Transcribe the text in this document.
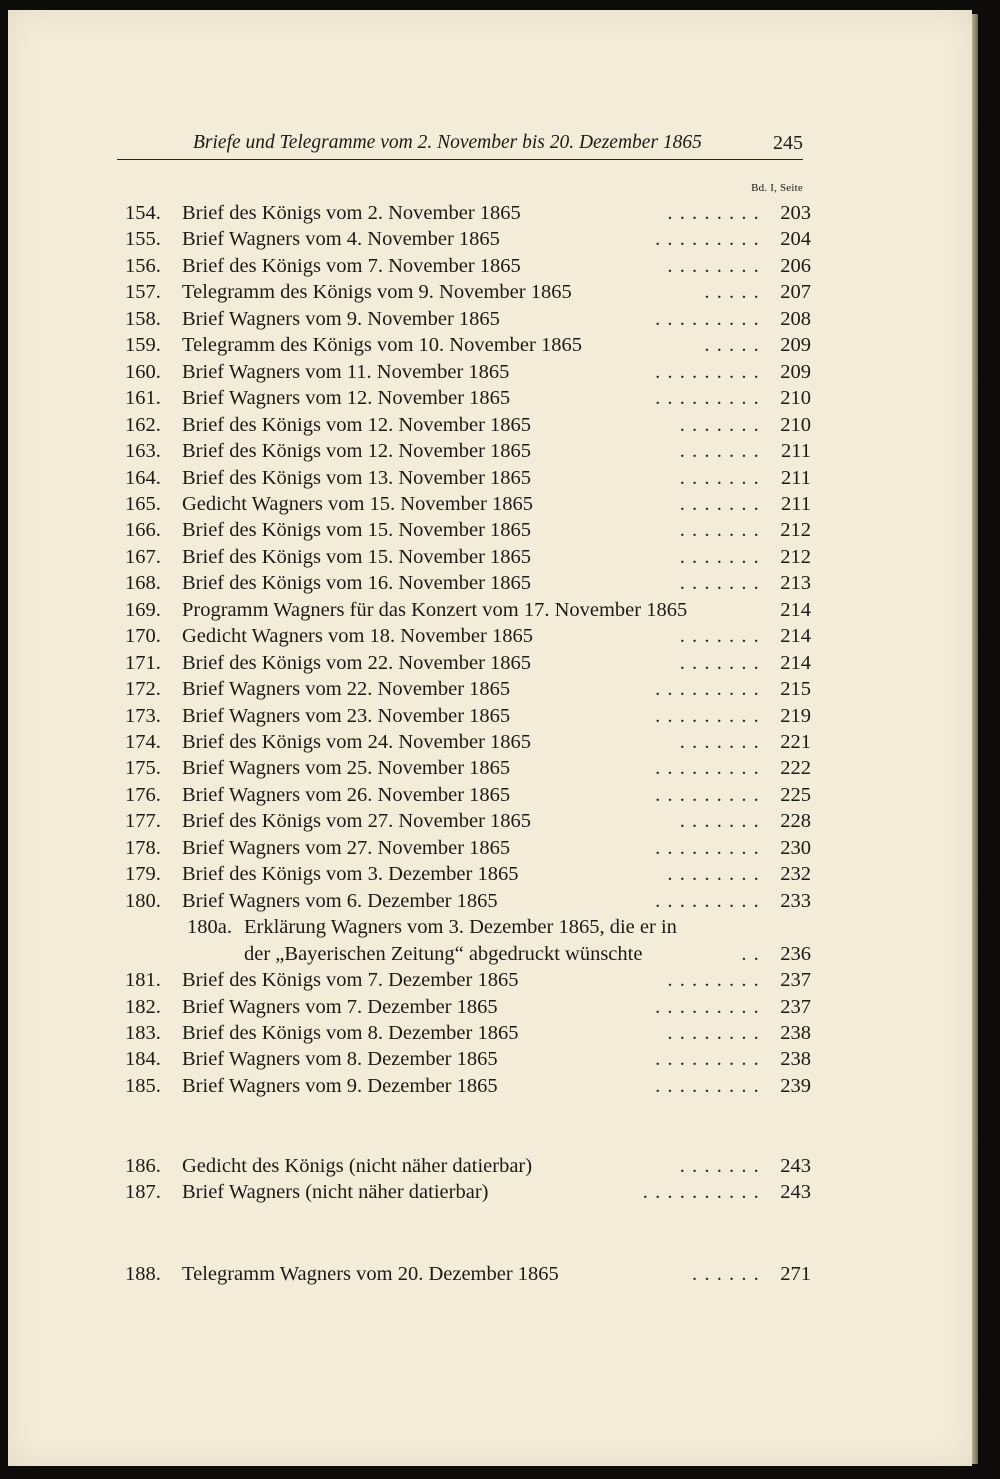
Briefe und Telegramme vom 2. November bis 20. Dezember 1865	245
Bd. I, Seite
154. Brief des Königs vom 2. November 1865	........ 203
155. Brief Wagners vom 4. November 1865	......... 204
156. Brief des Königs vom 7. November 1865	........ 206
157. Telegramm des Königs vom 9. November 1865	..... 207
158. Brief Wagners vom 9. November 1865	......... 208
159. Telegramm des Königs vom 10. November 1865	..... 209
160. Brief Wagners vom 11. November 1865	......... 209
161. Brief Wagners vom 12. November 1865	......... 210
162. Brief des Königs vom 12. November 1865	....... 210
163. Brief des Königs vom 12. November 1865	....... 211
164. Brief des Königs vom 13. November 1865	....... 211
165. Gedicht Wagners vom 15. November 1865	....... 211
166. Brief des Königs vom 15. November 1865	....... 212
167. Brief des Königs vom 15. November 1865	....... 212
168. Brief des Königs vom 16. November 1865	....... 213
169. Programm Wagners für das Konzert vom 17. November 1865	214
170. Gedicht Wagners vom 18. November 1865	....... 214
171. Brief des Königs vom 22. November 1865	....... 214
172. Brief Wagners vom 22. November 1865	......... 215
173. Brief Wagners vom 23. November 1865	......... 219
174. Brief des Königs vom 24. November 1865	....... 221
175. Brief Wagners vom 25. November 1865	......... 222
176. Brief Wagners vom 26. November 1865	......... 225
177. Brief des Königs vom 27. November 1865	....... 228
178. Brief Wagners vom 27. November 1865	......... 230
179. Brief des Königs vom 3. Dezember 1865	........ 232
180. Brief Wagners vom 6. Dezember 1865	......... 233
180a. Erklärung Wagners vom 3. Dezember 1865, die er in
der „Bayerischen Zeitung“ abgedruckt wünschte	.. 236
181. Brief des Königs vom 7. Dezember 1865	........ 237
182. Brief Wagners vom 7. Dezember 1865	......... 237
183. Brief des Königs vom 8. Dezember 1865	........ 238
184. Brief Wagners vom 8. Dezember 1865	......... 238
185. Brief Wagners vom 9. Dezember 1865	......... 239
186. Gedicht des Königs (nicht näher datierbar)	....... 243
187. Brief Wagners (nicht näher datierbar)	.......... 243
188. Telegramm Wagners vom 20. Dezember 1865	...... 271
